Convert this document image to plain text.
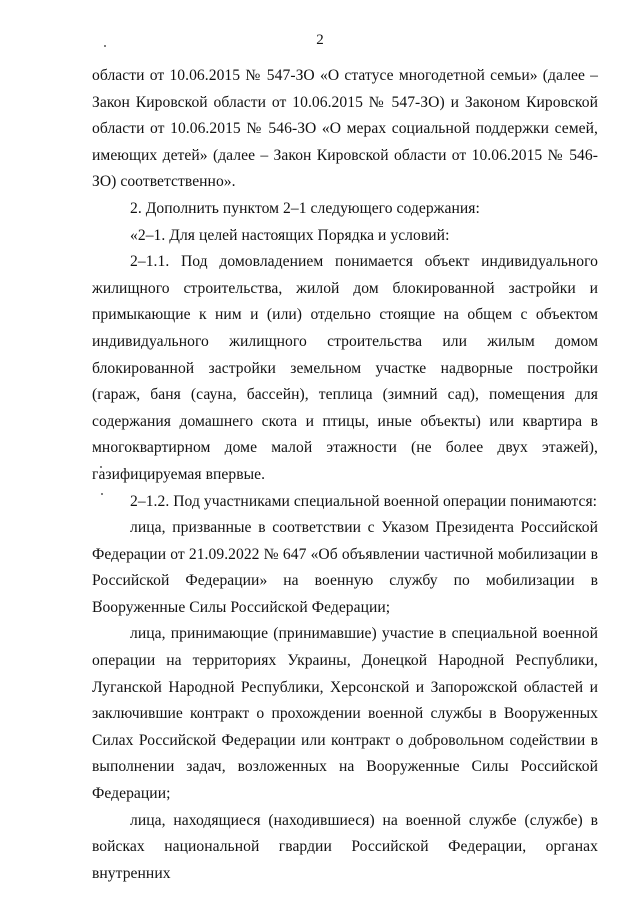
2

области от 10.06.2015 № 547-ЗО «О статусе многодетной семьи» (далее – Закон Кировской области от 10.06.2015 № 547-ЗО) и Законом Кировской области от 10.06.2015 № 546-ЗО «О мерах социальной поддержки семей, имеющих детей» (далее – Закон Кировской области от 10.06.2015 № 546-ЗО) соответственно».

2. Дополнить пунктом 2–1 следующего содержания:

«2–1. Для целей настоящих Порядка и условий:

2–1.1. Под домовладением понимается объект индивидуального жилищного строительства, жилой дом блокированной застройки и примыкающие к ним и (или) отдельно стоящие на общем с объектом индивидуального жилищного строительства или жилым домом блокированной застройки земельном участке надворные постройки (гараж, баня (сауна, бассейн), теплица (зимний сад), помещения для содержания домашнего скота и птицы, иные объекты) или квартира в многоквартирном доме малой этажности (не более двух этажей), газифицируемая впервые.

2–1.2. Под участниками специальной военной операции понимаются:

лица, призванные в соответствии с Указом Президента Российской Федерации от 21.09.2022 № 647 «Об объявлении частичной мобилизации в Российской Федерации» на военную службу по мобилизации в Вооруженные Силы Российской Федерации;

лица, принимающие (принимавшие) участие в специальной военной операции на территориях Украины, Донецкой Народной Республики, Луганской Народной Республики, Херсонской и Запорожской областей и заключившие контракт о прохождении военной службы в Вооруженных Силах Российской Федерации или контракт о добровольном содействии в выполнении задач, возложенных на Вооруженные Силы Российской Федерации;

лица, находящиеся (находившиеся) на военной службе (службе) в войсках национальной гвардии Российской Федерации, органах внутренних
